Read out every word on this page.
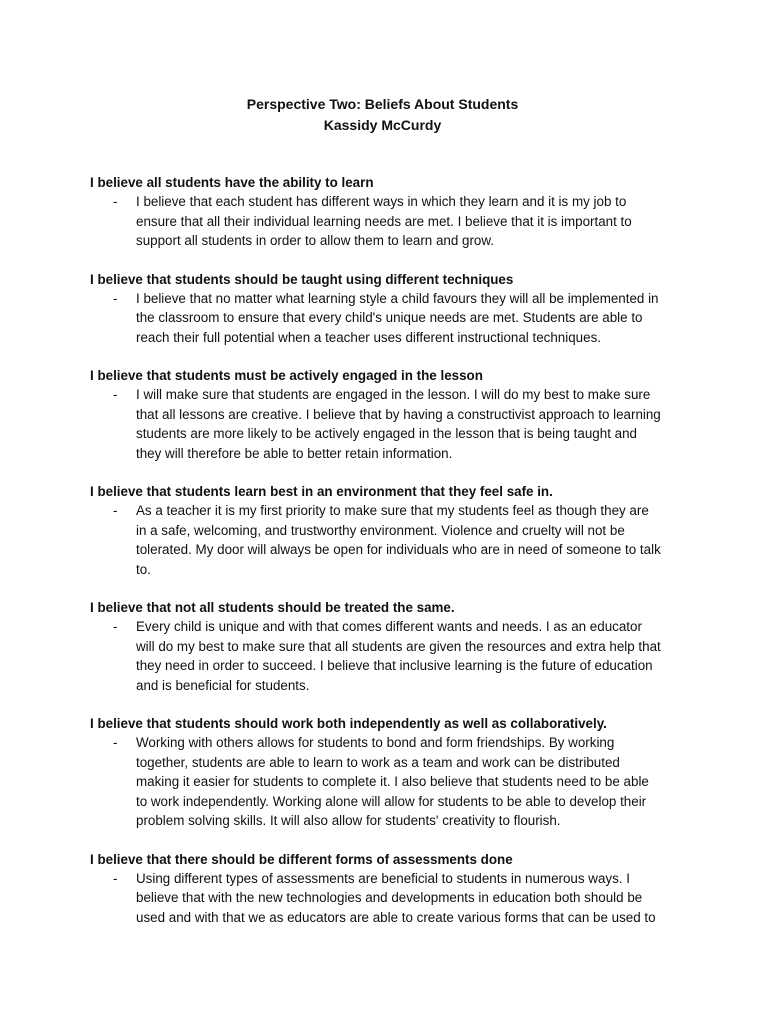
Perspective Two: Beliefs About Students
Kassidy McCurdy
I believe all students have the ability to learn
- I believe that each student has different ways in which they learn and it is my job to
ensure that all their individual learning needs are met. I believe that it is important to
support all students in order to allow them to learn and grow.
I believe that students should be taught using different techniques
- I believe that no matter what learning style a child favours they will all be implemented in
the classroom to ensure that every child's unique needs are met. Students are able to
reach their full potential when a teacher uses different instructional techniques.
I believe that students must be actively engaged in the lesson
- I will make sure that students are engaged in the lesson. I will do my best to make sure
that all lessons are creative. I believe that by having a constructivist approach to learning
students are more likely to be actively engaged in the lesson that is being taught and
they will therefore be able to better retain information.
I believe that students learn best in an environment that they feel safe in.
- As a teacher it is my first priority to make sure that my students feel as though they are
in a safe, welcoming, and trustworthy environment. Violence and cruelty will not be
tolerated. My door will always be open for individuals who are in need of someone to talk
to.
I believe that not all students should be treated the same.
- Every child is unique and with that comes different wants and needs. I as an educator
will do my best to make sure that all students are given the resources and extra help that
they need in order to succeed. I believe that inclusive learning is the future of education
and is beneficial for students.
I believe that students should work both independently as well as collaboratively.
- Working with others allows for students to bond and form friendships. By working
together, students are able to learn to work as a team and work can be distributed
making it easier for students to complete it. I also believe that students need to be able
to work independently. Working alone will allow for students to be able to develop their
problem solving skills. It will also allow for students' creativity to flourish.
I believe that there should be different forms of assessments done
- Using different types of assessments are beneficial to students in numerous ways. I
believe that with the new technologies and developments in education both should be
used and with that we as educators are able to create various forms that can be used to
